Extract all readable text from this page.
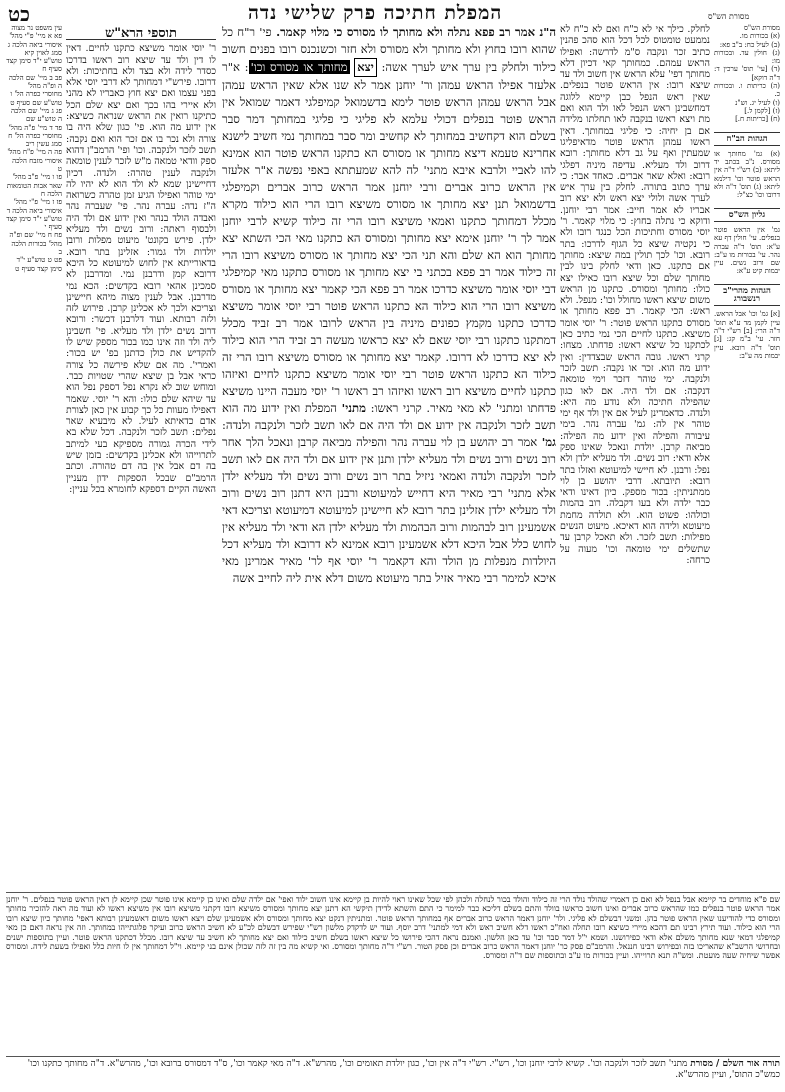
כט	המפלת חתיכה פרק שלישי נדה	מסורת הש"ס
מסורת הש"ס
(א) בכורות מו.
(ב) לעיל כח: ב"ב פא:
(ג) חולין עד. ובכורות מו:
(ד) [עי' תוס' ערכין ד: ד"ה דוקא]
(ה) כריתות ו. ובכורות כ.
(ו) לעיל יג. וש"נ
(ז) [לקמן ל.]
(ח) [כריתות ח.]
הגהות הב"ח
(א) גמ' מחותך או מסורס. נ"ב בכתב יד ליתא: (ב) רש"י ד"ה אין הראש פוטר וכו' דילמא ליתא: (ג) תוס' ד"ה ולא דרובו וכו' כצ"ל:
גליון הש"ס
גמ' אין הראש פוטר בנפלים. עי' חולין דף עא ע"א: תוס' ד"ה עברה נהר. עי' בכורות מו ע"ב: שם ורוב נשים. עיין יבמות קיט ע"א:
הגהות מהרי"ב רנשבורג
[א] גמ' וכו' אבל הראש. עיין לקמן מד ע"א תוס' ד"ה הרי: [ב] רש"י ד"ה חזר. עי' ב"מ קג: [ג] תוס' ד"ה רובא. עיין יבמות מה ע"ב:
לחלק. כילך אי לא כ"ח ואם לא כ"ח לא נממעט טומטוס לכל דכל הוא סהכ פהנין כתיב זכר ונקבה ס"מ לדרשה: ואפילו הראש עמהם. כמחותך קאי דכיון דלא מחותך דפי' עלא הראש אין חשוב ולד עד שיצא רובו: אין הראש פוטר בנפלים. שאין ראש הנפל כבן קיימא ללוגה דמחשבינן ראש הנפל לאו ולד הוא ואם מת ויצא ראשו בנקבה לאו תחלתו מלידה אם בן יחיה: כי פליגי במחותך. דאין ראשו עמהן הראש פוטר מדאיפליגו שמעתין ואף על גב דלא מחותך: רובא דרוב ולד מעליא. עדיפה מיניה דפלגי רובא: ואלא שאר אברים. כאחד אבר: כי ערך כתוב בתורה. לחלק בין ערך איש לערך אשה ולולי יצא ראש ולא יצא רוב אבריו לא אמר חייב: אמר רבי יוחנן. ודוקא כי נתלה בחוץ: כי מלוי קאמר. ר' יוסי מסורס וחתיכות הכל כנגד רובו ולא כי נקטיה שיצא כל הגוף לדרכו: בתר רובא. וכו' לכך תולין במה שיצא: מחותך אם כתקנו. כאן ודאי לחלק בינו לבין מחותך שלם וכל שיצא רובו כאילו יצא כולו: מחותך ומסורס. כתקנו מן הראש משום שיצא ראשו מחולל וכו': מנפל. ולא ראש: הכי קאמר. רב פפא מחותך או מסורס כתקנו הראש פוטר: ר' יוסי אומר משיצא. כתקנו לחיים הכי נמי כתיב כאן לכתקנו כל שיצא ראשו: פדחתו. מצחו: קרני ראשו. גובה הראש שבצדדין: ואין ידוע מה הוא. זכר או נקבה: תשב לזכר ולנקבה. ימי טוהר דזכר וימי טומאה דנקבה: אם ולד היה. אם לאו כגון שהפילה חתיכה ולא נודע מה היא: ולנדה. כדאמרינן לעיל אם אין ולד אף ימי טוהר אין לה: גמ' עברה נהר. בימי עיבורה והפילה ואין ידוע מה הפילה: מביאה קרבן. יולדת ונאכל שאינו ספק אלא ודאי: רוב נשים. ולד מעליא ילדן ולא נפל: ורבנן. לא חיישי למיעוטא ואזלו בתר רובא: תיובתא. דרבי יהושע בן לוי ממתניתין: בכור מספק. כיון דאינו ודאי כבר ילדה ולא בעו דקבלה. רוב בהמות וכולהו: פשוט הוא. ולא תולדה מחמת מיעוטא ולידה הוא דאיכא. מיעוט הנשים מפילות: תשב לזכר. ולא תאכל קרבן עד שתשלים ימי טומאה וכו' מעוה על כרחה:
ה"נ אמר רב פפא נתלה ולא מחותך לו מסורס כי מלוי קאמר. פי' ר"ח כל שהוא רובו בחוץ ולא מחותך ולא מסורס ולא חזר וכשנכנס רובו בפנים חשוב כילוד ולחלק בין ערך איש לערך אשה: יצא מחותך או מסורס וכו': א"ר אלעזר אפילו הראש עמהן ור' יוחנן אמר לא שנו אלא שאין הראש עמהן אבל הראש עמהן הראש פוטר לימא בדשמואל קמיפלגי דאמר שמואל אין הראש פוטר בנפלים דכולי עלמא לא פליגי כי פליגי במחותך דמר סבר בשלם הוא דקחשיב במחותך לא קחשיב ומר סבר במחותך נמי חשיב לישנא אחרינא טעמא דיצא מחותך או מסורס הא כתקנו הראש פוטר הוא אמינא להו לאביי ולרבא איבא מתני' לה להא שמעתתא באפי נפשה א"ר אלעזר אין הראש כרוב אברים ורבי יוחנן אמר הראש כרוב אברים וקמיפלגי בדשמואל תנן יצא מחותך או מסורס משיצא רובו הרי הוא כילוד מקרא מכלל דמחותך כתקנו ואמאי משיצא רובו הרי זה כילוד קשיא לרבי יוחנן אמר לך ר' יוחנן אימא יצא מחותך ומסורס הא כתקנו מאי הכי השתא יצא מחותך הוא הא שלם והא תני הכי יצא מחותך או מסורס משיצא רובו הרי זה כילוד אמר רב פפא בכתני בי יצא מחותך או מסורס כתקנו מאי קמיפלגי דבי יוסי אומר משיצא כדרכו אמר רב פפא הכי קאמר יצא מחותך או מסורס משיצא רובו הרי הוא כילוד הא כתקנו הראש פוטר רבי יוסי אומר משיצא כדרכו כתקנו מקמץ כפונים מיניה בין הראש לרובו אמר רב זביד מכלל דמתקנו כתקנו רבי יוסי שאם לא יצא כראשו מעשה רב זביד הרי הוא כילוד לא יצא כדרכו לא דרובו. קאמר יצא מחותך או מסורס משיצא רובו הרי זה כילוד הא כתקנו הראש פוטר רבי יוסי אומר משיצא כתקנו לחיים ואיזהו כתקנו לחיים משיצא רוב ראשו ואיזהו רב ראשו ר' יוסי מעבה היינו משיצא פדחתו ומתני' לא מאי מאיר. קרני ראשו: מתני' המפלת ואין ידוע מה הוא תשב לזכר ולנקבה אין ידוע אם ולד היה אם לאו תשב לזכר ולנקבה ולנדה: גמ' אמר רב יהושע בן לוי עברה נהר והפילה מביאה קרבן ונאכל הלך אחר רוב נשים ורוב נשים ולד מעליא ילדן ותנן אין ידוע אם ולד היה אם לאו תשב לזכר ולנקבה ולנדה ואמאי ניזיל בתר רוב נשים ורוב נשים ולד מעליא ילדן אלא מתני' רבי מאיר היא דחייש למיעוטא ורבנן היא דתנן רוב נשים ורוב ולד מעליא ילדן אזלינן בתר רובא לא חיישינן למיעוטא דמיעוטא וצריכא דאי אשמעינן רוב לבהמות ורוב הבהמות ולד מעליא ילדן הא ודאי ולד מעליא אין לחוש כלל אבל היכא דלא אשמעינן רובא אמינא לא דרובא ולד מעליא דכל היולדות מנפלות מן הולד והא דקאמר ר' יוסי אף לר' מאיר אמרינן מאי איכא למימר רבי מאיר אזיל בתר מיעוטא משום דלא אית ליה לחייב אשה
תוספי הרא"ש
ר' יוסי אומר משיצא כתקנו לחיים. דאין לו דין ולד עד שיצא רוב ראשו בדרכו כסדר לידה ולא בצד ולא בחתיכות: ולא דרובו. פירש"י דמחותך לא דרבי יוסי אלא בפני עצמו ואם יצא חוץ כאבריו לא מהני ולא איירי בהו בכך ואם יצא שלם הכל כתיקנו רואין את הראש שנראה כשיצא: אין ידוע מה הוא. פי' כגון שלא היה בו צורה ולא נכר בו אם זכר הוא ואם נקבה: תשב לזכר ולנקבה. וכו' ופי' הרמב"ן דהוא ספק וודאי טמאה מ"ש לזכר לענין טומאה ולנקבה לענין טהרה: ולנדה. דכיון דחיישינן שמא לא ולד הוא לא יהיו לה ימי טוהר ואפילו הגיע זמן טהרה כשרואה ה"ז נדה: עברה נהר. פי' שעברה נהר ואבדה הולד בנהר ואין ידוע אם ולד היה ולבסוף ראתה: ורוב נשים ולד מעליא ילדן. פירש בקונט' מיעוט מפלות ורובן יולדות ולד גמור: אזלינן בתר רובא. בדאורייתא אין לחוש למיעוטא כל היכא דרובא קמן ודרבנן נמי. ומדרבנן לא סמכינן אהאי רובא בקדשים: הכא נמי מדרבנן. אבל לענין מצוה מיהא חיישינן וצריכא ולכך לא אכלינן קרבן. פירוש לזה ולזה רבותא. ועוד דלרבנן דכשר: ורובא דרוב נשים ילדן ולד מעליא. פי' חשבינן ליה ולד וזה אינו כמו בכור מספק שיש לו להקדיש את כולן כדתנן בפ' יש בכור: ואמרי'. מה אם שלא פירשה כל צורה כראי אבל בן שיצא שהרי שטויות כבר. ומוחש שוב לא נקרא נפל דספק נפל הוא עד שיהא שלם כולו: והא ר' יוסי. שאמר דאפילו מעוות כל כך קבוע אין כאן לצורת אדם כדאיתא לעיל. לא מיבעיא שאר נפלים: תשב לזכר ולנקבה. דכל שלא בא לידי הכרה גמורה מספיקא בעי למיתב לתרוייהו ולא אכלינן בקדשים: בזמן שיש בה דם אבל אין בה דם טהורה. וכתב הרמב"ם שבכל הספקות ידון מעניין האשה הקיים דספקא לחומרא בכל עניין:
עין משפט נר מצוה
פא א מיי' פ"י מהל' איסורי ביאה הלכה ג סמג לאוין קיא טוש"ע י"ד סימן קצד סעיף ח
פב ב מיי' שם הלכה ה ופ"ה מהל' מחוסרי כפרה הל' ו טוש"ע שם סעיף ט
פג ג מיי' שם הלכה ה טוש"ע שם
פד ד מיי' פ"ה מהל' מחוסרי כפרה הל' ח סמג עשין ריב
פה ה מיי' פ"ח מהל' איסורי מזבח הלכה ט
פו ו מיי' פ"ב מהל' שאר אבות הטומאות הלכה ח
פז ז מיי' פ"י מהל' איסורי ביאה הלכה ד טוש"ע י"ד סימן קצד סעיף י
פח ח מיי' שם ופ"ה מהל' בכורות הלכה ב
פט ט טוש"ע י"ד סימן קצד סעיף ט
שם פ"א מוחדים בר קיימא אבל בנפל לא ואם כן דאמרי שהולד נולד הרי זה כילוד והולד בכור לנחלה ולכהן לפי שכל שאינו ראוי להיות בן קיימא אינו חשוב ילוד ואפי' אם ילדה שלם ואינו בן קיימא אינו פוטר שכן קיימא לן דאין הראש פוטר בנפלים. ר' יוחנן אמר הראש פוטר בנפלים כמו שהראש כרוב אברים ואינו חשוב כראשו בוולד והתם בשלם דליכא כבר למימר כי התם והשתא לדידן תיקשי הא דתנן יצא מחותך ומסורס משיצא רובו דקתני משיצא רובו אין משיצא ראשו לא ועוד מה ראה להזכיר מחותך ומסורס כדי להודיענו שאין הראש פוטר בהן. ומשני דבשלם לא פליגי. ולר' יוחנן דאמר הראש כרוב אברים אף במחותך הראש פוטר. ומתניתין דנקט יצא מחותך ומסורס ולא אשמעינן שלם ויצא ראשו משום דאשמעינן רבותא דאפי' מחותך כיון שיצא רובו הרי הוא כילוד. ועוד תירץ רבינו תם דהכא מיירי כשיצא רובו תחלה ואח"כ ראשו דלא חשיב ראש ולא דמי למתני' דרב יוסף. ועוד יש לדקדק מלשון רש"י שפירש דבשלם לכ"ע לא חשיב הראש כרוב ועיקר פלוגתייהו במחותך. וזה אין נראה דאם כן מאי קמיפלגי דמאי שנא מחותך משלם אלא ודאי כפירושנו. ושמא י"ל דמר סבר וכו' עד כאן הלשון. ואמנם נראה דהכי פירושו כל שיצא ראשו בשלם חשיב כילוד ואם יצא מחותך לא חשיב עד שיצא רובו. מכלל דכתקנו הראש פוטר. ועיין בתוספות ישנים ובחדושי הרשב"א שהאריכו בזה ובפירוש רבינו חננאל. והרמב"ם פסק כר' יוחנן דאמר הראש כרוב אברים וכן פסק הטור. רש"י ד"ה מחותך ומסורס. ואי קשיא מה בין זה לזה שכולן אינם בני קיימא. וי"ל דמחותך אין לו חיות כלל ואפילו בשעת לידה. ומסורס אפשר שיחיה שעה מועטת. ומש"ה תנא תרוייהו. ועיין בכורות מו ע"ב ובתוספות שם ד"ה ומסורס.
תורה אור השלם / מסורת מתני' תשב לזכר ולנקבה וכו'. קשיא לרבי יוחנן וכו', רש"י. רש"י ד"ה אין וכו', כגון יולדת תאומים וכו', מהרש"א. ד"ה מאי קאמר וכו', ס"ד דמסורס ברובא וכו', מהרש"א. ד"ה מחותך כתקנו וכו' כמש"כ התוס', ועיין מהרש"א.
